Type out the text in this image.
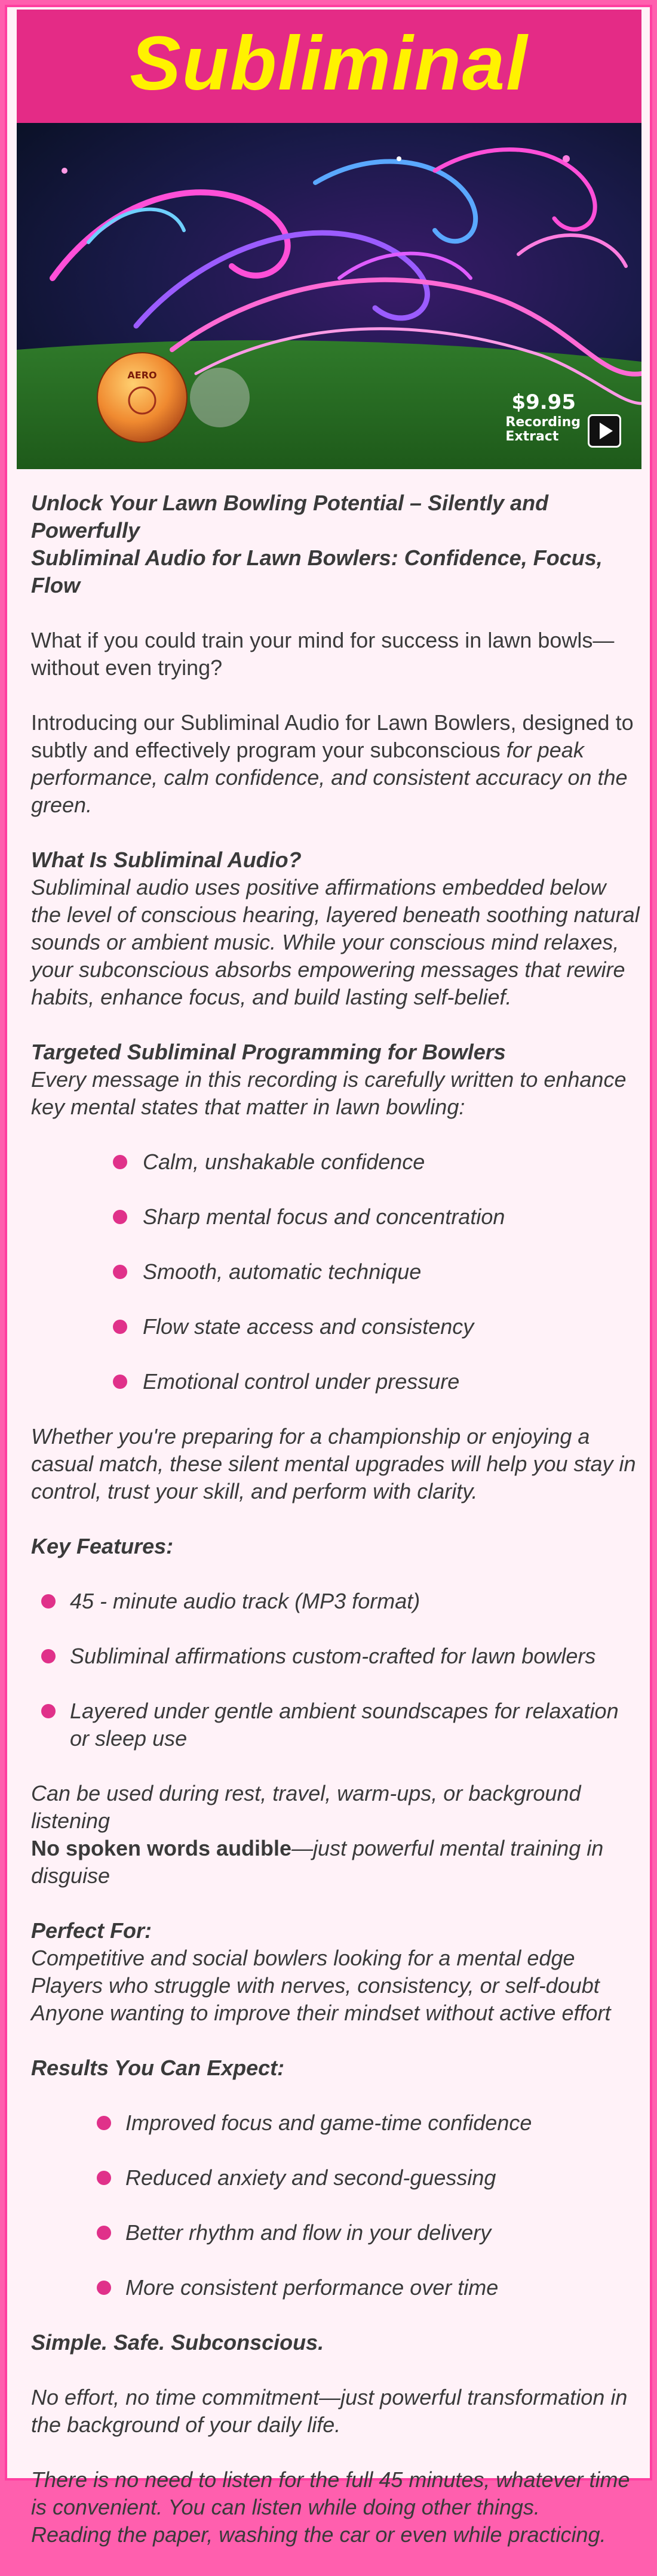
Subliminal
AERO
$9.95
Recording
Extract

Unlock Your Lawn Bowling Potential – Silently and Powerfully
Subliminal Audio for Lawn Bowlers: Confidence, Focus, Flow

What if you could train your mind for success in lawn bowls—without even trying?

Introducing our Subliminal Audio for Lawn Bowlers, designed to subtly and effectively program your subconscious for peak performance, calm confidence, and consistent accuracy on the green.

What Is Subliminal Audio?
Subliminal audio uses positive affirmations embedded below the level of conscious hearing, layered beneath soothing natural sounds or ambient music. While your conscious mind relaxes, your subconscious absorbs empowering messages that rewire habits, enhance focus, and build lasting self-belief.

Targeted Subliminal Programming for Bowlers
Every message in this recording is carefully written to enhance key mental states that matter in lawn bowling:

Calm, unshakable confidence
Sharp mental focus and concentration
Smooth, automatic technique
Flow state access and consistency
Emotional control under pressure

Whether you're preparing for a championship or enjoying a casual match, these silent mental upgrades will help you stay in control, trust your skill, and perform with clarity.

Key Features:

45 - minute audio track (MP3 format)
Subliminal affirmations custom-crafted for lawn bowlers
Layered under gentle ambient soundscapes for relaxation or sleep use

Can be used during rest, travel, warm-ups, or background listening
No spoken words audible—just powerful mental training in disguise

Perfect For:
Competitive and social bowlers looking for a mental edge
Players who struggle with nerves, consistency, or self-doubt
Anyone wanting to improve their mindset without active effort

Results You Can Expect:

Improved focus and game-time confidence
Reduced anxiety and second-guessing
Better rhythm and flow in your delivery
More consistent performance over time

Simple. Safe. Subconscious.

No effort, no time commitment—just powerful transformation in the background of your daily life.

There is no need to listen for the full 45 minutes, whatever time is convenient. You can listen while doing other things.
Reading the paper, washing the car or even while practicing.
